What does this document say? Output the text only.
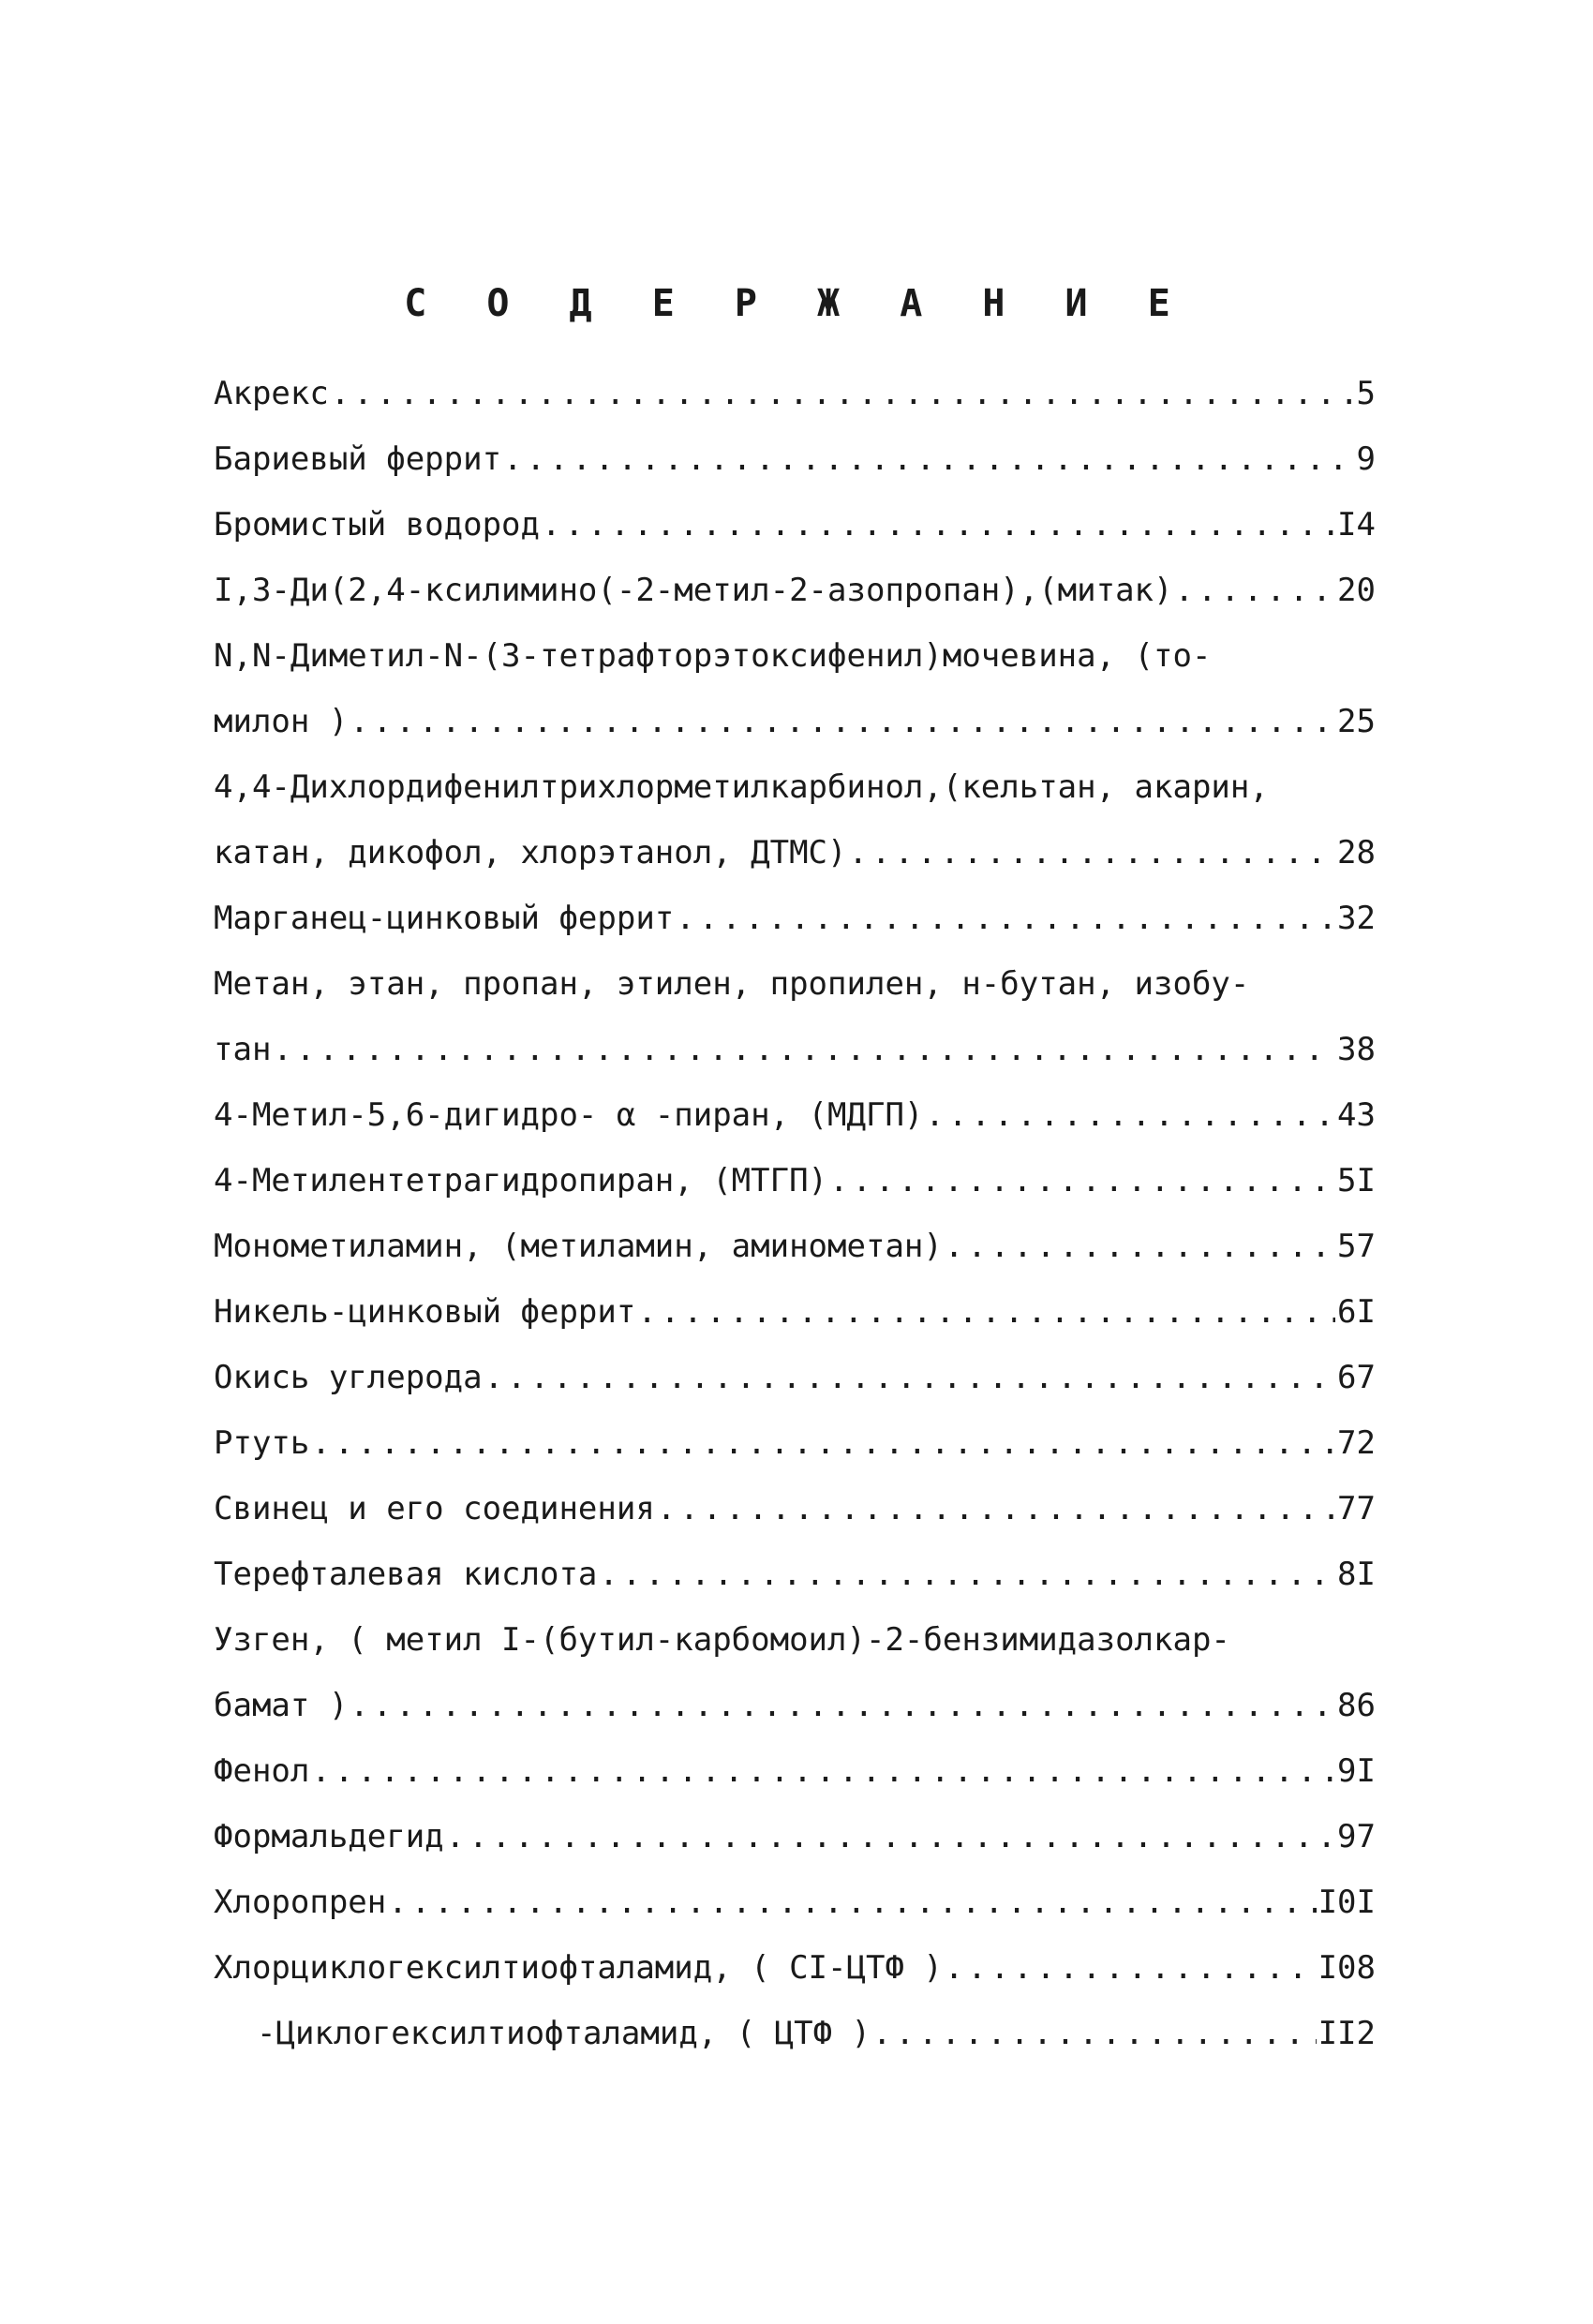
С О Д Е Р Ж А Н И Е
Акрекс .....	5
Бариевый феррит .....	9
Бромистый водород .....	I4
I,3-Ди(2,4-ксилимино(-2-метил-2-азопропан),(митак) .....	20
N,N-Диметил-N-(3-тетрафторэтоксифенил)мочевина, (то-
милон ) .....	25
4,4-Дихлордифенилтрихлорметилкарбинол,(кельтан, акарин,
катан, дикофол, хлорэтанол, ДТМС) .....	28
Марганец-цинковый феррит .....	32
Метан, этан, пропан, этилен, пропилен, н-бутан, изобу-
тан .....	38
4-Метил-5,6-дигидро- α -пиран, (МДГП) .....	43
4-Метилентетрагидропиран, (МТГП) .....	5I
Монометиламин, (метиламин, аминометан) .....	57
Никель-цинковый феррит .....	6I
Окись углерода .....	67
Ртуть .....	72
Свинец и его соединения .....	77
Терефталевая кислота .....	8I
Узген, ( метил I-(бутил-карбомоил)-2-бензимидазолкар-
бамат ) .....	86
Фенол .....	9I
Формальдегид .....	97
Хлоропрен .....	I0I
Хлорциклогексилтиофталамид, ( СI-ЦТФ ) .....	I08
-Циклогексилтиофталамид, ( ЦТФ ) .....	II2
